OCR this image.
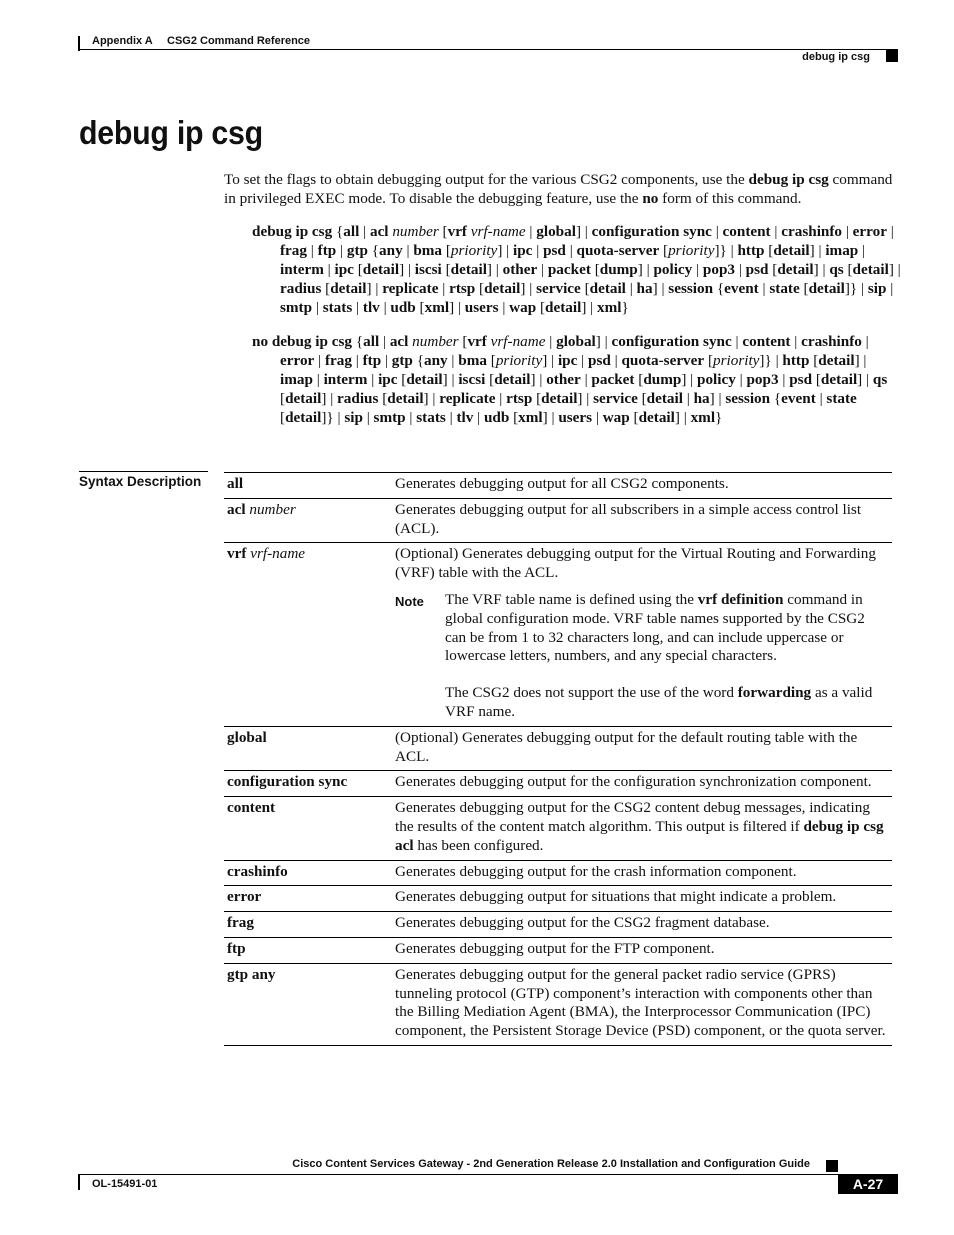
Appendix A CSG2 Command Reference
debug ip csg
debug ip csg
To set the flags to obtain debugging output for the various CSG2 components, use the debug ip csg command in privileged EXEC mode. To disable the debugging feature, use the no form of this command.

debug ip csg {all | acl number [vrf vrf-name | global] | configuration sync | content | crashinfo | error | frag | ftp | gtp {any | bma [priority] | ipc | psd | quota-server [priority]} | http [detail] | imap | interm | ipc [detail] | iscsi [detail] | other | packet [dump] | policy | pop3 | psd [detail] | qs [detail] | radius [detail] | replicate | rtsp [detail] | service [detail | ha] | session {event | state [detail]} | sip | smtp | stats | tlv | udb [xml] | users | wap [detail] | xml}

no debug ip csg {all | acl number [vrf vrf-name | global] | configuration sync | content | crashinfo | error | frag | ftp | gtp {any | bma [priority] | ipc | psd | quota-server [priority]} | http [detail] | imap | interm | ipc [detail] | iscsi [detail] | other | packet [dump] | policy | pop3 | psd [detail] | qs [detail] | radius [detail] | replicate | rtsp [detail] | service [detail | ha] | session {event | state [detail]} | sip | smtp | stats | tlv | udb [xml] | users | wap [detail] | xml}

Syntax Description all	Generates debugging output for all CSG2 components.
acl number	Generates debugging output for all subscribers in a simple access control list (ACL).
vrf vrf-name	(Optional) Generates debugging output for the Virtual Routing and Forwarding (VRF) table with the ACL.
Note The VRF table name is defined using the vrf definition command in global configuration mode. VRF table names supported by the CSG2 can be from 1 to 32 characters long, and can include uppercase or lowercase letters, numbers, and any special characters.
The CSG2 does not support the use of the word forwarding as a valid VRF name.

global	(Optional) Generates debugging output for the default routing table with the ACL.
configuration sync	Generates debugging output for the configuration synchronization component.
content	Generates debugging output for the CSG2 content debug messages, indicating the results of the content match algorithm. This output is filtered if debug ip csg acl has been configured.
crashinfo	Generates debugging output for the crash information component.
error	Generates debugging output for situations that might indicate a problem.
frag	Generates debugging output for the CSG2 fragment database.
ftp	Generates debugging output for the FTP component.
gtp any	Generates debugging output for the general packet radio service (GPRS) tunneling protocol (GTP) component’s interaction with components other than the Billing Mediation Agent (BMA), the Interprocessor Communication (IPC) component, the Persistent Storage Device (PSD) component, or the quota server.
Cisco Content Services Gateway - 2nd Generation Release 2.0 Installation and Configuration Guide
OL-15491-01	A-27
